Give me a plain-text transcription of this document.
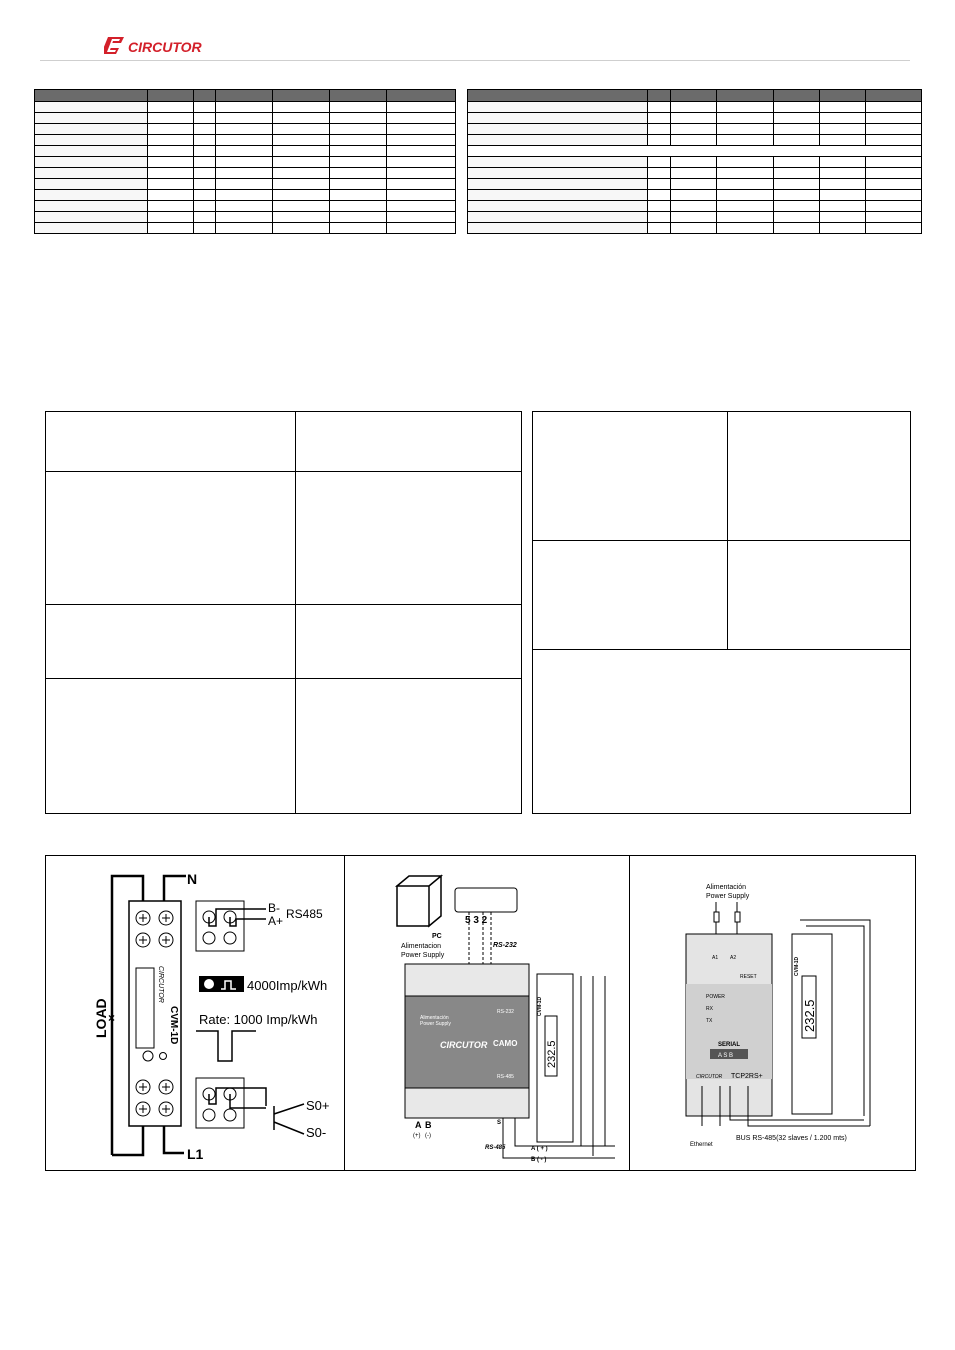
CIRCUTOR

N
L1
LOAD ×	CVM-1D
CIRCUTOR
B-
A+ RS485
4000Imp/kWh
Rate: 1000 Imp/kWh
S0+
S0-
PC
5 3 2
RS-232
Alimentacion
Power Supply
Alimentación
Power Supply
RS-232
RS-485
CIRCUTOR CAMO
A B
(+) (-)
RS-485
S
A ( + )
B ( - )
232.5
CVM-1D
Alimentación
Power Supply
A1 A2
RESET
POWER
RX
TX
SERIAL
A S B
CIRCUTOR TCP2RS+
Ethernet
232.5
CVM-1D
BUS RS-485(32 slaves / 1.200 mts)
